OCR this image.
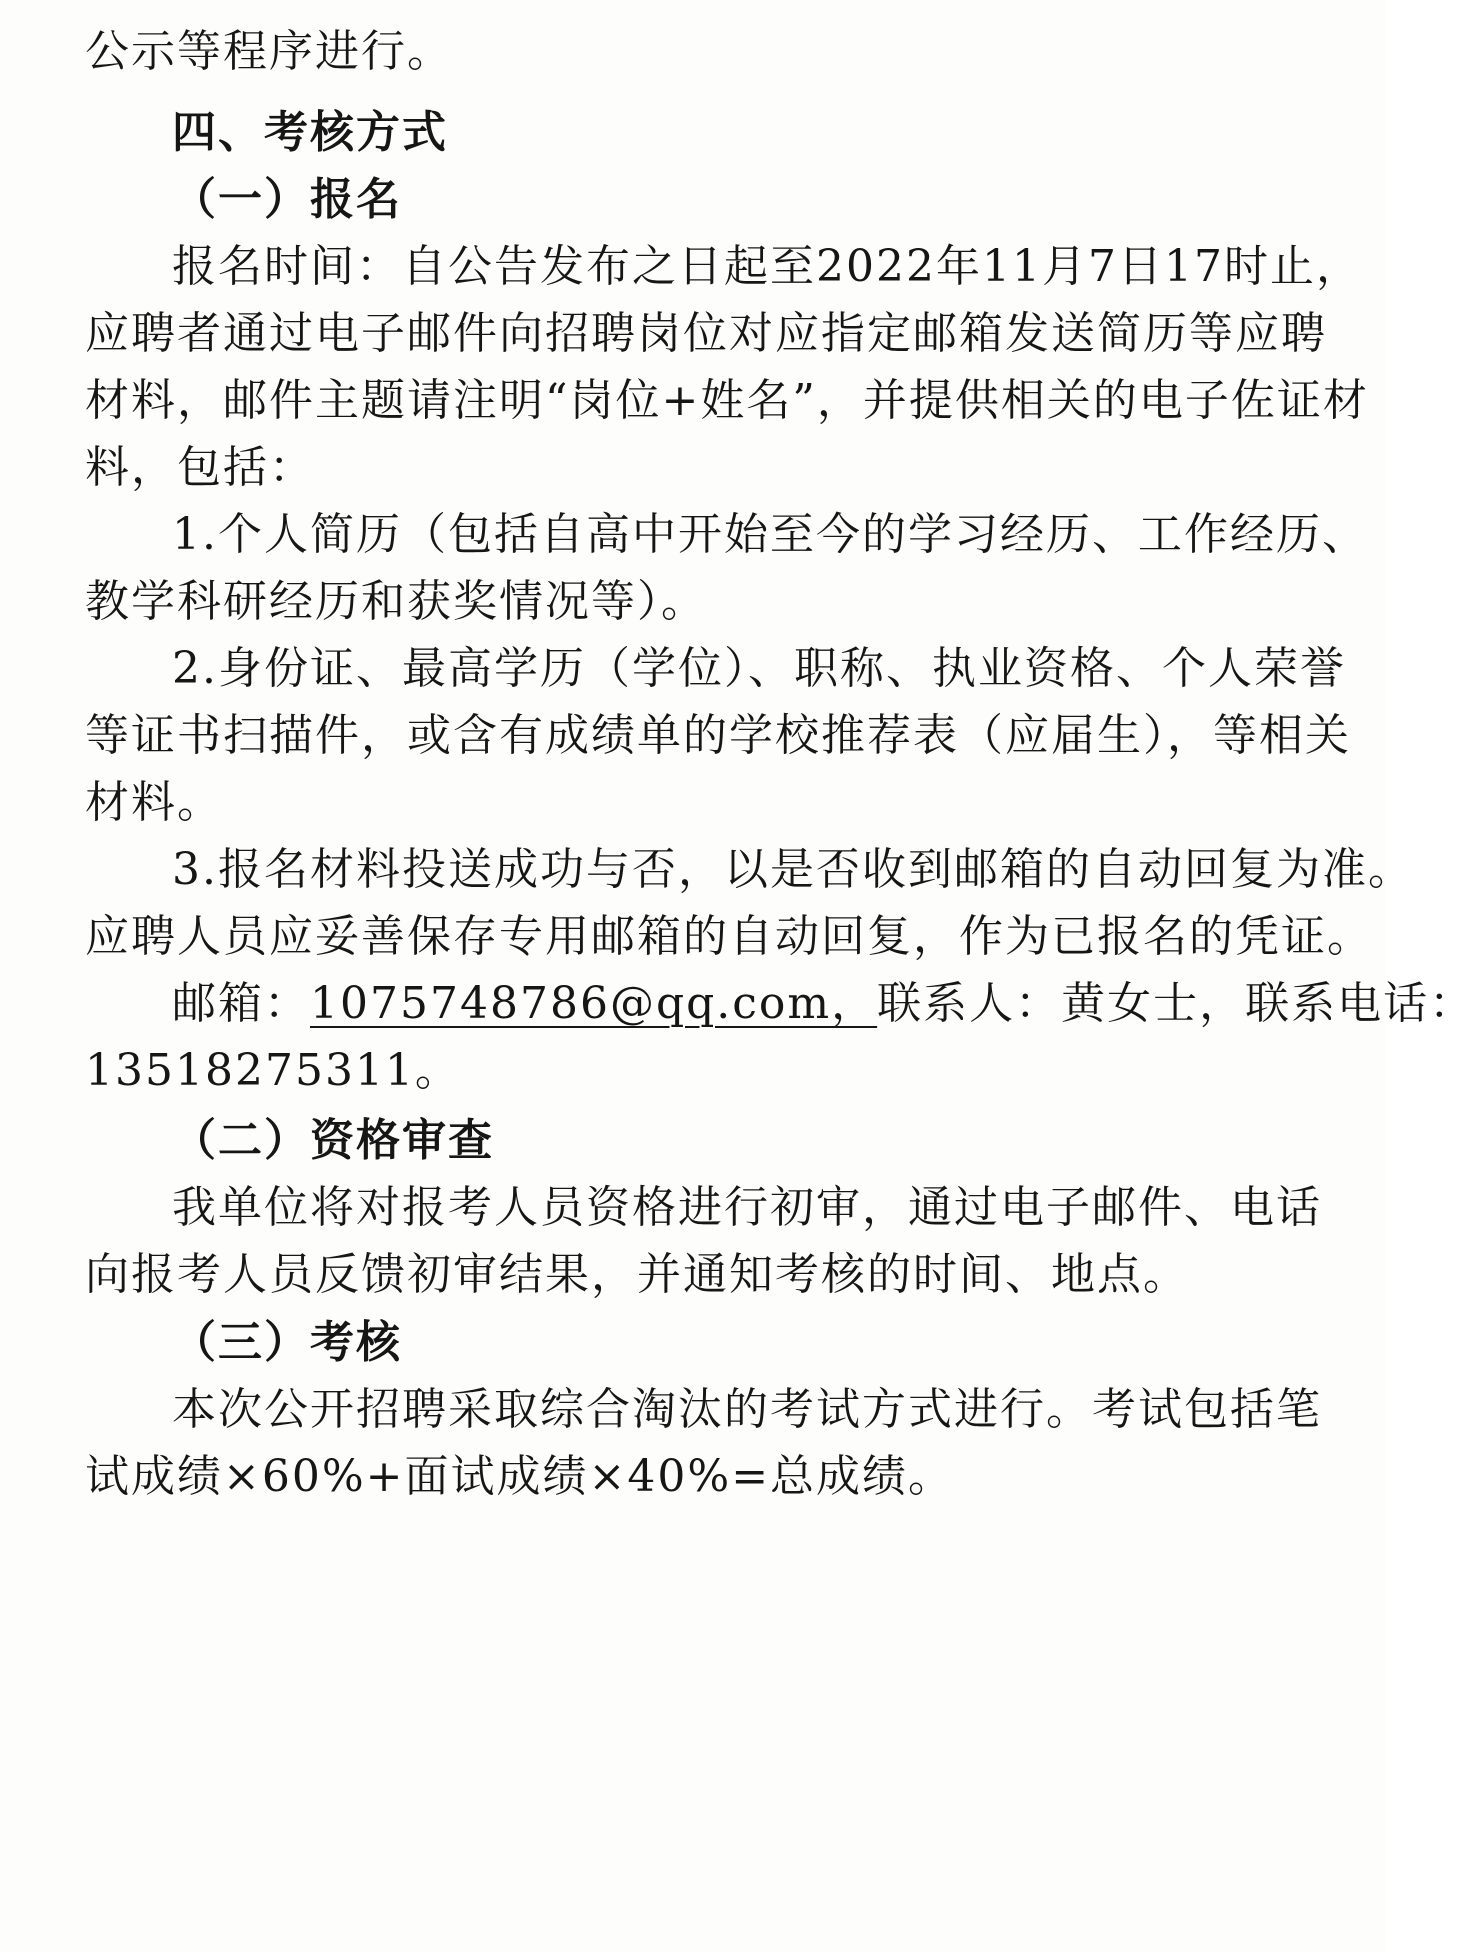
公示等程序进行。
四、考核方式
（一）报名
报名时间：自公告发布之日起至2022年11月7日17时止，
应聘者通过电子邮件向招聘岗位对应指定邮箱发送简历等应聘
材料，邮件主题请注明“岗位+姓名”，并提供相关的电子佐证材
料，包括：
1.个人简历（包括自高中开始至今的学习经历、工作经历、
教学科研经历和获奖情况等）。
2.身份证、最高学历（学位）、职称、执业资格、个人荣誉
等证书扫描件，或含有成绩单的学校推荐表（应届生），等相关
材料。
3.报名材料投送成功与否，以是否收到邮箱的自动回复为准。
应聘人员应妥善保存专用邮箱的自动回复，作为已报名的凭证。
邮箱：1075748786@qq.com，联系人：黄女士，联系电话：
13518275311。
（二）资格审查
我单位将对报考人员资格进行初审，通过电子邮件、电话
向报考人员反馈初审结果，并通知考核的时间、地点。
（三）考核
本次公开招聘采取综合淘汰的考试方式进行。考试包括笔
试成绩×60%+面试成绩×40%=总成绩。
